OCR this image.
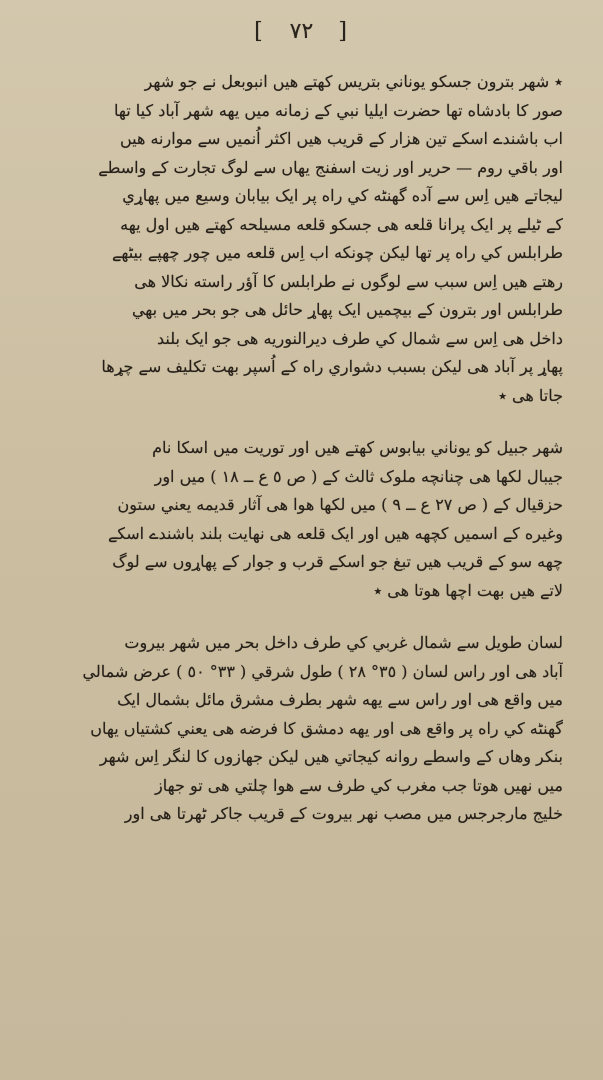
[ ٧٢ ]

٭ شهر بترون جسکو يوناني بتريس کهتے هيں انبوبعل نے جو شهر
صور کا بادشاه تها حضرت ايليا نبي کے زمانه ميں يهه شهر آباد کيا تها
اب باشندے اسکے تين هزار کے قريب هيں اکثر اُنميں سے موارنه هيں
اور باقي روم — حرير اور زيت اسفنج يهاں سے لوگ تجارت کے واسطے
ليجاتے هيں اِس سے آده گهنٹه کي راه پر ايک بيابان وسيع ميں پهاړي
کے ٹيلے پر ايک پرانا قلعه هی جسکو قلعه مسيلحه کهتے هيں اول يهه
طرابلس کي راه پر تها ليکن چونکه اب اِس قلعه ميں چور چهپے بيٹهے
رهتے هيں اِس سبب سے لوگوں نے طرابلس کا آؤر راسته نکالا هی
طرابلس اور بترون کے بيچميں ايک پهاړ حائل هی جو بحر ميں بهي
داخل هی اِس سے شمال کي طرف ديرالنوريه هی جو ايک بلند
پهاړ پر آباد هی ليکن بسبب دشواري راه کے اُسپر بهت تکليف سے چړها
جاتا هی ٭

شهر جبيل کو يوناني بيابوس کهتے هيں اور توريت ميں اسکا نام
جيبال لکها هی چنانچه ملوک ثالث کے ( ص ٥ ع ــ ١٨ ) ميں اور
حزقيال کے ( ص ٢٧ ع ــ ٩ ) ميں لکها هوا هی آثار قديمه يعني ستون
وغيره کے اسميں کچهه هيں اور ايک قلعه هی نهايت بلند باشندے اسکے
چهه سو کے قريب هيں تبغ جو اسکے قرب و جوار کے پهاړوں سے لوگ
لاتے هيں بهت اچها هوتا هی ٭

لسان طويل سے شمال غربي کي طرف داخل بحر ميں شهر بيروت
آباد هی اور راس لسان ( ٣٥° ٢٨ ) طول شرقي ( ٣٣° ٥٠ ) عرض شمالي
ميں واقع هی اور راس سے يهه شهر بطرف مشرق مائل بشمال ايک
گهنٹه کي راه پر واقع هی اور يهه دمشق کا فرضه هی يعني کشتياں يهاں
بنکر وهاں کے واسطے روانه کيجاتي هيں ليکن جهازوں کا لنگر اِس شهر
ميں نهيں هوتا جب مغرب کي طرف سے هوا چلتي هی تو جهاز
خليج مارجرجس ميں مصب نهر بيروت کے قريب جاکر ٹهرتا هی اور
